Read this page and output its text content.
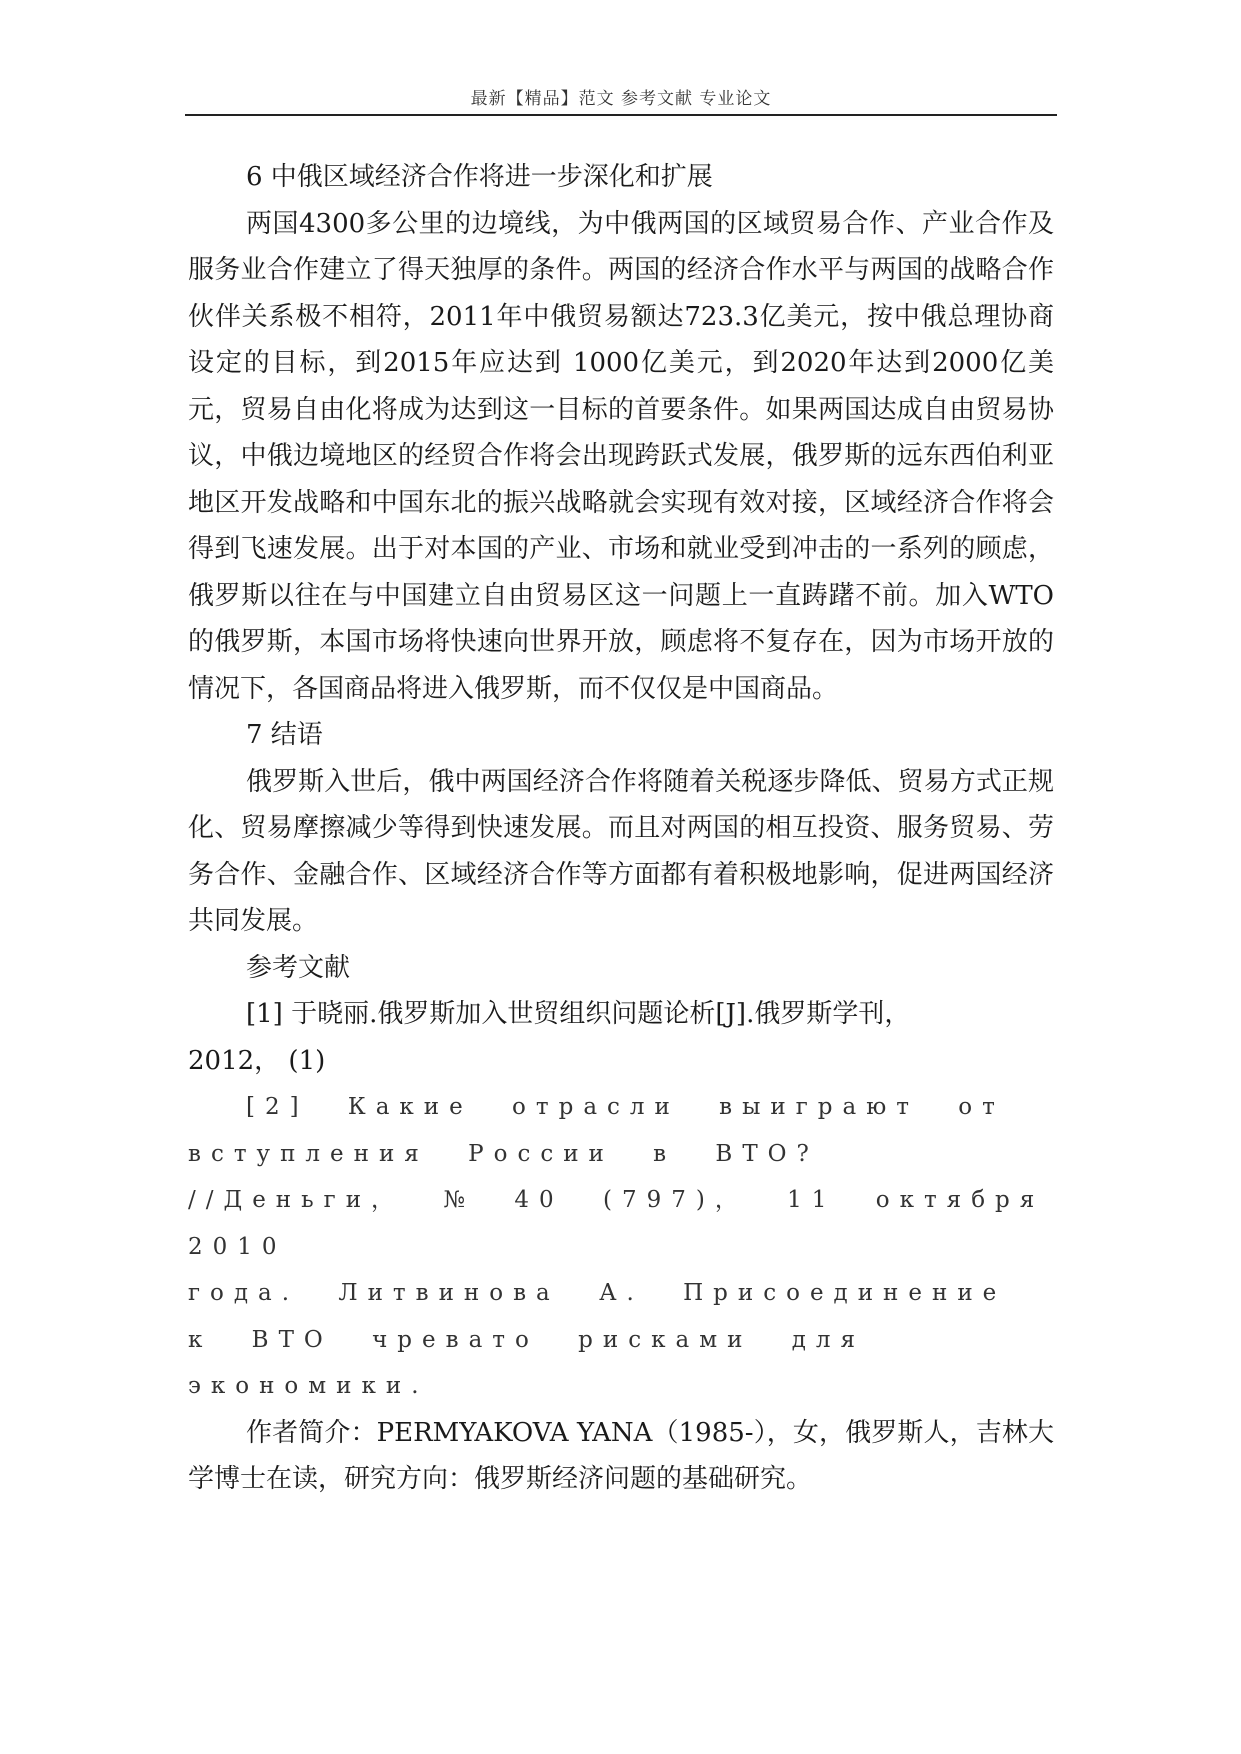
最新【精品】范文 参考文献 专业论文

6 中俄区域经济合作将进一步深化和扩展

两国4300多公里的边境线，为中俄两国的区域贸易合作、产业合作及服务业合作建立了得天独厚的条件。两国的经济合作水平与两国的战略合作伙伴关系极不相符，2011年中俄贸易额达723.3亿美元，按中俄总理协商设定的目标，到2015年应达到 1000亿美元，到2020年达到2000亿美元，贸易自由化将成为达到这一目标的首要条件。如果两国达成自由贸易协议，中俄边境地区的经贸合作将会出现跨跃式发展，俄罗斯的远东西伯利亚地区开发战略和中国东北的振兴战略就会实现有效对接，区域经济合作将会得到飞速发展。出于对本国的产业、市场和就业受到冲击的一系列的顾虑，俄罗斯以往在与中国建立自由贸易区这一问题上一直踌躇不前。加入WTO的俄罗斯，本国市场将快速向世界开放，顾虑将不复存在，因为市场开放的情况下，各国商品将进入俄罗斯，而不仅仅是中国商品。

7 结语

俄罗斯入世后，俄中两国经济合作将随着关税逐步降低、贸易方式正规化、贸易摩擦减少等得到快速发展。而且对两国的相互投资、服务贸易、劳务合作、金融合作、区域经济合作等方面都有着积极地影响，促进两国经济共同发展。

参考文献

[1] 于晓丽.俄罗斯加入世贸组织问题论析[J].俄罗斯学刊，

2012， (1)

[2] Какие отрасли выиграют от

вступления России в ВТО?

//Деньги， № 40 (797)， 11 октября 2010

года. Литвинова А. Присоединение

к ВТО чревато рисками для

экономики.

作者简介：PERMYAKOVA YANA（1985-），女，俄罗斯人，吉林大学博士在读，研究方向：俄罗斯经济问题的基础研究。
